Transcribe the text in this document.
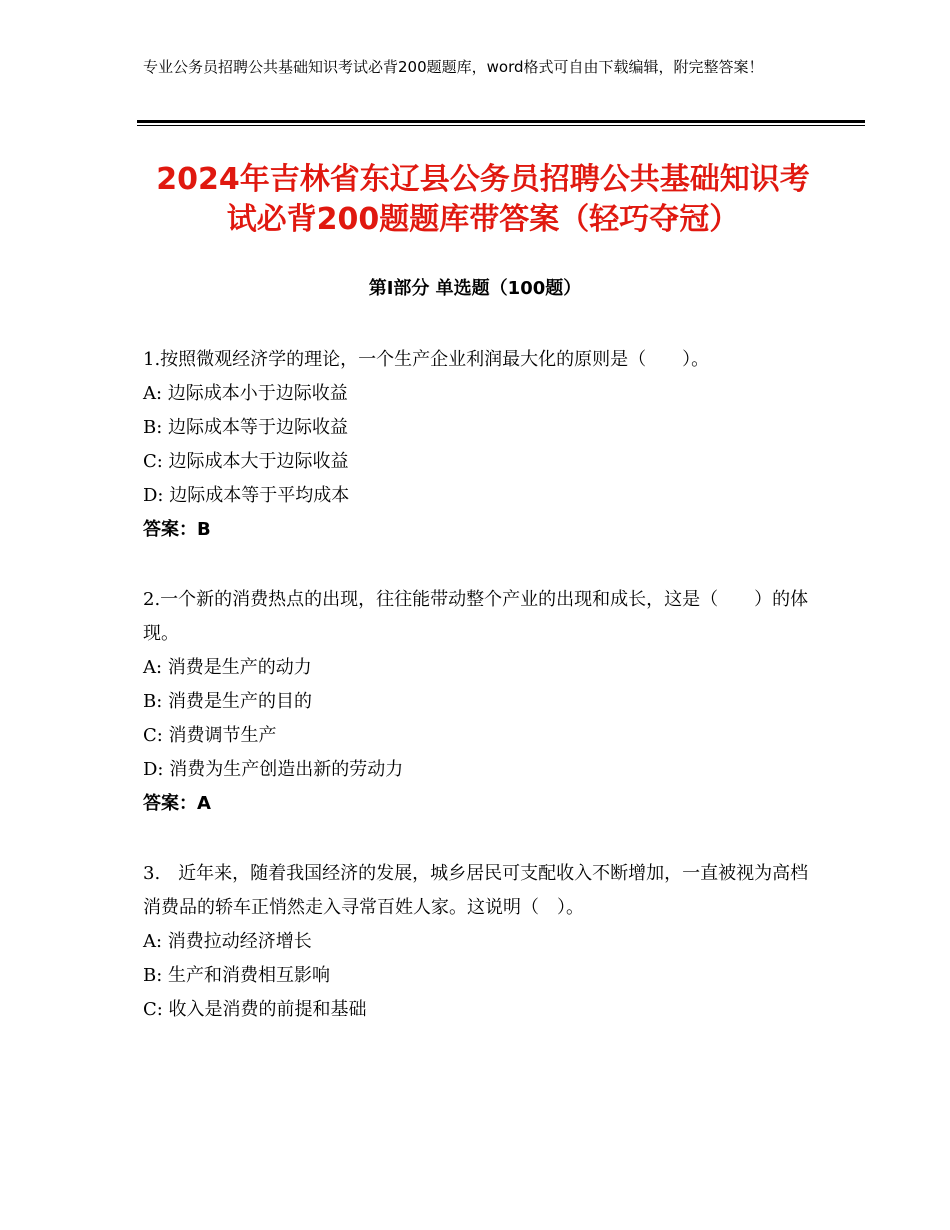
专业公务员招聘公共基础知识考试必背200题题库，word格式可自由下载编辑，附完整答案！
2024年吉林省东辽县公务员招聘公共基础知识考试必背200题题库带答案（轻巧夺冠）
第Ⅰ部分 单选题（100题）

1.按照微观经济学的理论，一个生产企业利润最大化的原则是（　　）。

A: 边际成本小于边际收益

B: 边际成本等于边际收益

C: 边际成本大于边际收益

D: 边际成本等于平均成本

答案：B

2.一个新的消费热点的出现，往往能带动整个产业的出现和成长，这是（　　）的体现。

A: 消费是生产的动力

B: 消费是生产的目的

C: 消费调节生产

D: 消费为生产创造出新的劳动力

答案：A

3.　近年来，随着我国经济的发展，城乡居民可支配收入不断增加，一直被视为高档消费品的轿车正悄然走入寻常百姓人家。这说明（　）。

A: 消费拉动经济增长

B: 生产和消费相互影响

C: 收入是消费的前提和基础
